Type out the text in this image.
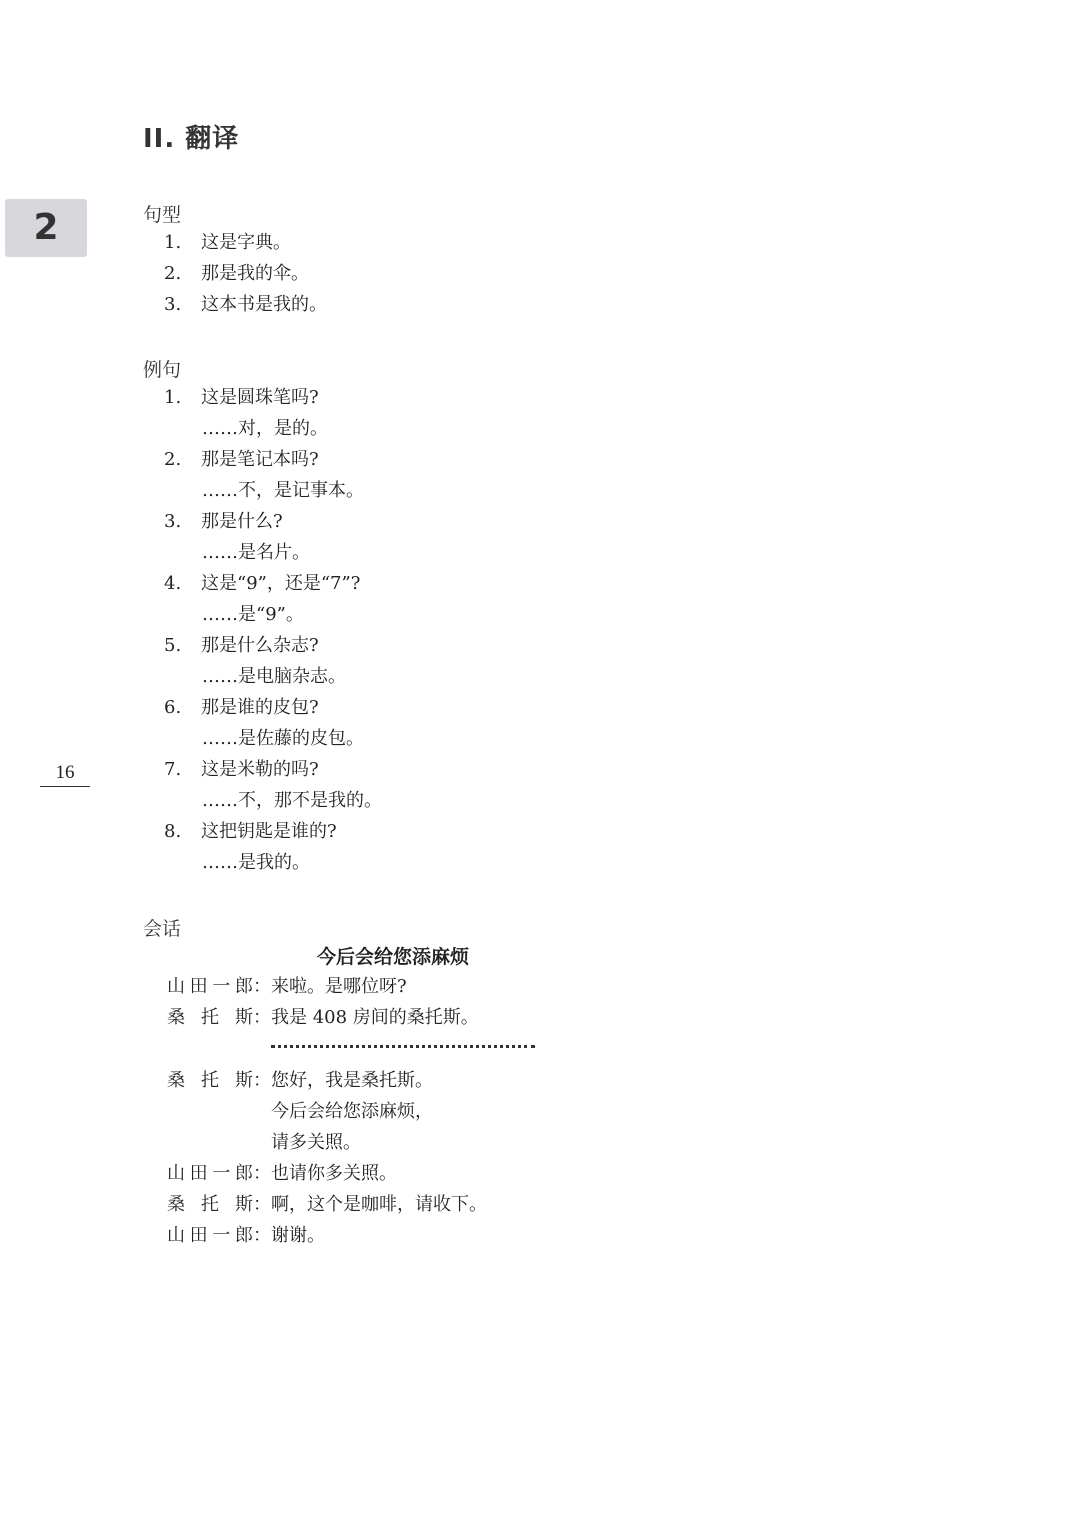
II. 翻译
2
16
句型
1. 这是字典。
2. 那是我的伞。
3. 这本书是我的。
例句
1. 这是圆珠笔吗?
……对，是的。
2. 那是笔记本吗?
……不，是记事本。
3. 那是什么?
……是名片。
4. 这是“9”，还是“7”?
……是“9”。
5. 那是什么杂志?
……是电脑杂志。
6. 那是谁的皮包?
……是佐藤的皮包。
7. 这是米勒的吗?
……不，那不是我的。
8. 这把钥匙是谁的?
……是我的。
会话
今后会给您添麻烦
山田一郎：来啦。是哪位呀?
桑托斯：我是 408 房间的桑托斯。
桑托斯：您好，我是桑托斯。
今后会给您添麻烦，
请多关照。
山田一郎：也请你多关照。
桑托斯：啊，这个是咖啡，请收下。
山田一郎：谢谢。
